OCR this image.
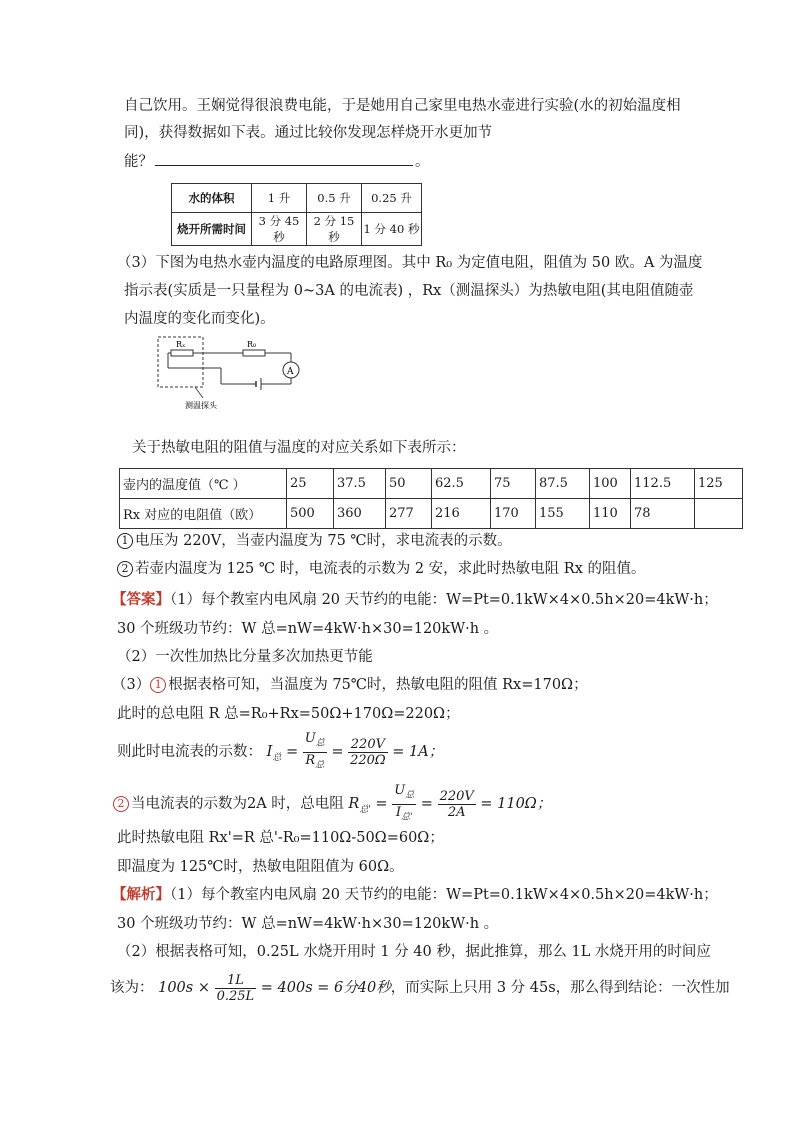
自己饮用。王娴觉得很浪费电能，于是她用自己家里电热水壶进行实验(水的初始温度相
同)，获得数据如下表。通过比较你发现怎样烧开水更加节
能？	。
水的体积	1 升	0.5 升	0.25 升
烧开所需时间	3 分 45 秒	2 分 15 秒	1 分 40 秒
（3）下图为电热水壶内温度的电路原理图。其中 R₀ 为定值电阻，阻值为 50 欧。A 为温度
指示表(实质是一只量程为 0~3A 的电流表) ，Rx（测温探头）为热敏电阻(其电阻值随壶
内温度的变化而变化)。
Rₓ	R₀
A
测温探头
关于热敏电阻的阻值与温度的对应关系如下表所示：
壶内的温度值（℃ ）	25	37.5	50	62.5	75	87.5	100	112.5	125
Rx 对应的电阻值（欧）	500	360	277	216	170	155	110	78	
1 电压为 220V，当壶内温度为 75 ℃时，求电流表的示数。
2 若壶内温度为 125 ℃ 时，电流表的示数为 2 安，求此时热敏电阻 Rx 的阻值。
【答案】（1）每个教室内电风扇 20 天节约的电能：W=Pt=0.1kW×4×0.5h×20=4kW·h；
30 个班级功节约：W 总=nW=4kW·h×30=120kW·h 。
（2）一次性加热比分量多次加热更节能
（3） 1 根据表格可知，当温度为 75℃时，热敏电阻的阻值 Rx=170Ω；
此时的总电阻 R 总=R₀+Rx=50Ω+170Ω=220Ω；
则此时电流表的示数： $I_总 = \frac{U_总}{R_总} = \frac{220V}{220\Omega} = 1A$；
2 当电流表的示数为2A 时，总电阻 $R_{总'} = \frac{U_总}{I_{总'}} = \frac{220V}{2A} = 110\Omega$；
此时热敏电阻 Rx'=R 总'-R₀=110Ω-50Ω=60Ω；
即温度为 125℃时，热敏电阻阻值为 60Ω。
【解析】（1）每个教室内电风扇 20 天节约的电能：W=Pt=0.1kW×4×0.5h×20=4kW·h；
30 个班级功节约：W 总=nW=4kW·h×30=120kW·h 。
（2）根据表格可知，0.25L 水烧开用时 1 分 40 秒，据此推算，那么 1L 水烧开用的时间应
该为： $100s \times \frac{1L}{0.25L} = 400s = 6$分40秒，而实际上只用 3 分 45s，那么得到结论：一次性加
